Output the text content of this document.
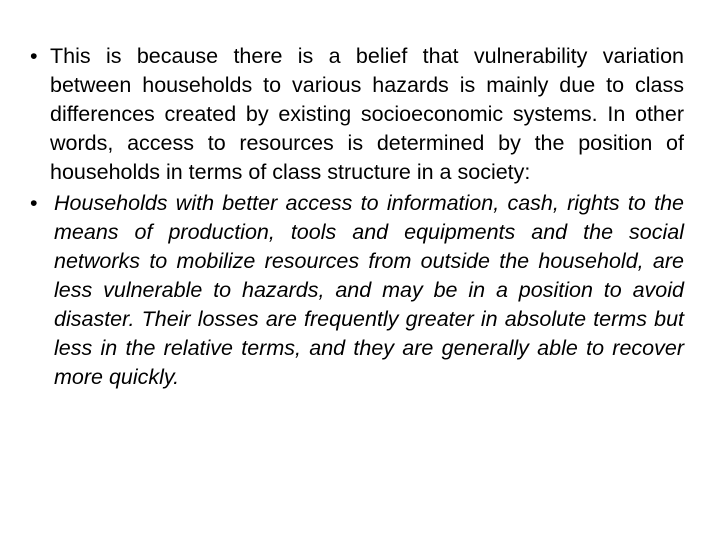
• This is because there is a belief that vulnerability variation between households to various hazards is mainly due to class differences created by existing socioeconomic systems. In other words, access to resources is determined by the position of households in terms of class structure in a society:
• Households with better access to information, cash, rights to the means of production, tools and equipments and the social networks to mobilize resources from outside the household, are less vulnerable to hazards, and may be in a position to avoid disaster. Their losses are frequently greater in absolute terms but less in the relative terms, and they are generally able to recover more quickly.
